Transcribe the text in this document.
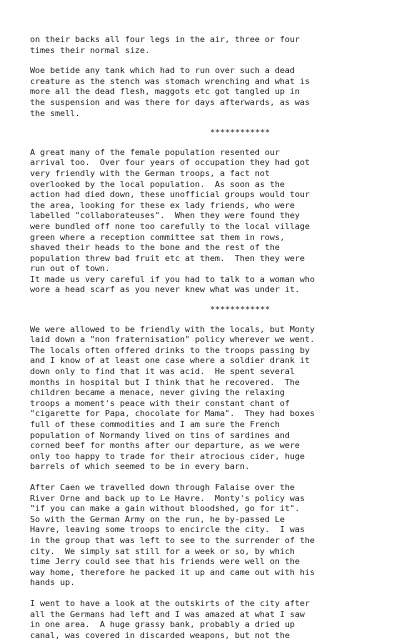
on their backs all four legs in the air, three or four

times their normal size.

Woe betide any tank which had to run over such a dead

creature as the stench was stomach wrenching and what is

more all the dead flesh, maggots etc got tangled up in

the suspension and was there for days afterwards, as was

the smell.

************

A great many of the female population resented our

arrival too.  Over four years of occupation they had got

very friendly with the German troops, a fact not

overlooked by the local population.  As soon as the

action had died down, these unofficial groups would tour

the area, looking for these ex lady friends, who were

labelled "collaborateuses".  When they were found they

were bundled off none too carefully to the local village

green where a reception committee sat them in rows,

shaved their heads to the bone and the rest of the

population threw bad fruit etc at them.  Then they were

run out of town.

It made us very careful if you had to talk to a woman who

wore a head scarf as you never knew what was under it.

************

We were allowed to be friendly with the locals, but Monty

laid down a "non fraternisation" policy wherever we went.

The locals often offered drinks to the troops passing by

and I know of at least one case where a soldier drank it

down only to find that it was acid.  He spent several

months in hospital but I think that he recovered.  The

children became a menace, never giving the relaxing

troops a moment's peace with their constant chant of

"cigarette for Papa, chocolate for Mama".  They had boxes

full of these commodities and I am sure the French

population of Normandy lived on tins of sardines and

corned beef for months after our departure, as we were

only too happy to trade for their atrocious cider, huge

barrels of which seemed to be in every barn.

After Caen we travelled down through Falaise over the

River Orne and back up to Le Havre.  Monty's policy was

"if you can make a gain without bloodshed, go for it".

So with the German Army on the run, he by-passed Le

Havre, leaving some troops to encircle the city.  I was

in the group that was left to see to the surrender of the

city.  We simply sat still for a week or so, by which

time Jerry could see that his friends were well on the

way home, therefore he packed it up and came out with his

hands up.

I went to have a look at the outskirts of the city after

all the Germans had left and I was amazed at what I saw

in one area.  A huge grassy bank, probably a dried up

canal, was covered in discarded weapons, but not the
